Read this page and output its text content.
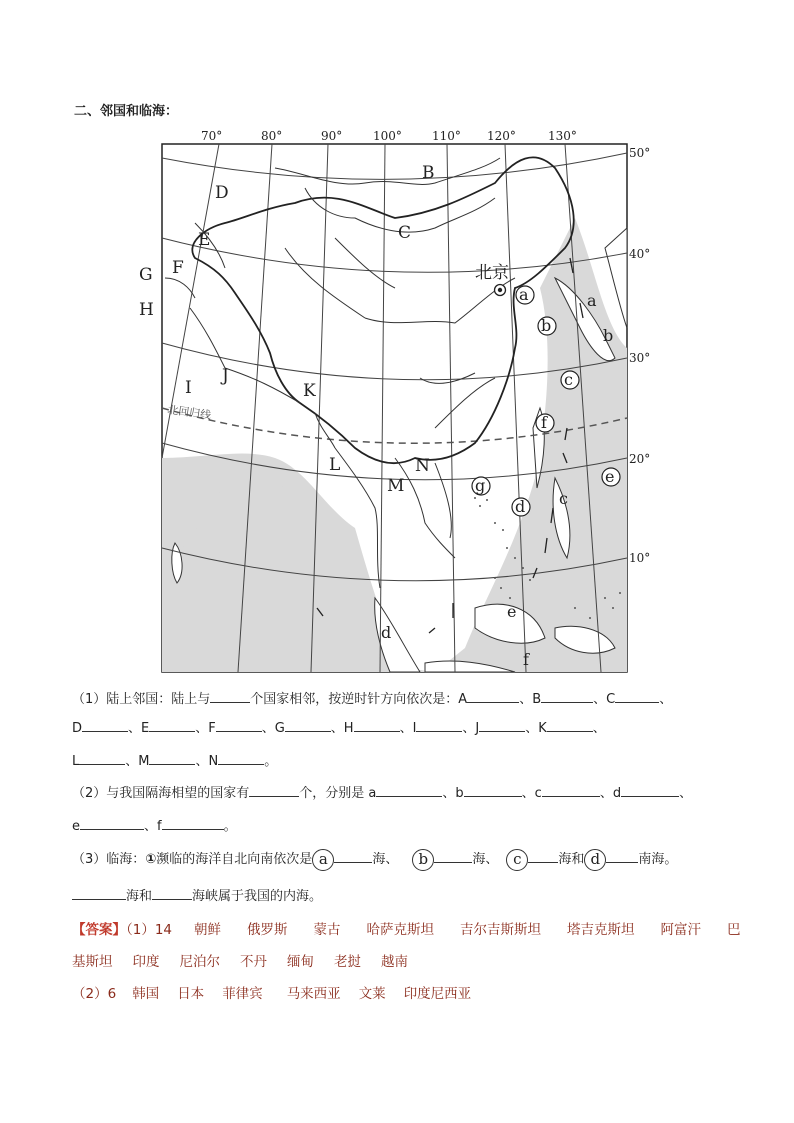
二、邻国和临海：
70°	80°	90°	100°	110° 120°	130°
50°
40°
30°
20°
10°
北京
北回归线
D
B
C
E
F
G
H
I
J
K
L
M
N
a
b
c
f
g
d
e
a
b
c
d
e
f
（1）陆上邻国：陆上与	个国家相邻，按逆时针方向依次是：A	、B	、C	、
D	、E	、F	、G	、H	、I	、J	、K	、
L	、M	、N	。
（2）与我国隔海相望的国家有	个，分别是 a	、b	、c	、d	、
e	、f	。
（3）临海：①濒临的海洋自北向南依次是 a	海、 b	海、 c	海和 d	南海。
海和	海峡属于我国的内海。
【答案】（1）14 朝鲜 俄罗斯 蒙古 哈萨克斯坦 吉尔吉斯斯坦 塔吉克斯坦 阿富汗 巴
基斯坦 印度 尼泊尔 不丹 缅甸 老挝 越南
（2）6 韩国 日本 菲律宾 马来西亚 文莱 印度尼西亚
